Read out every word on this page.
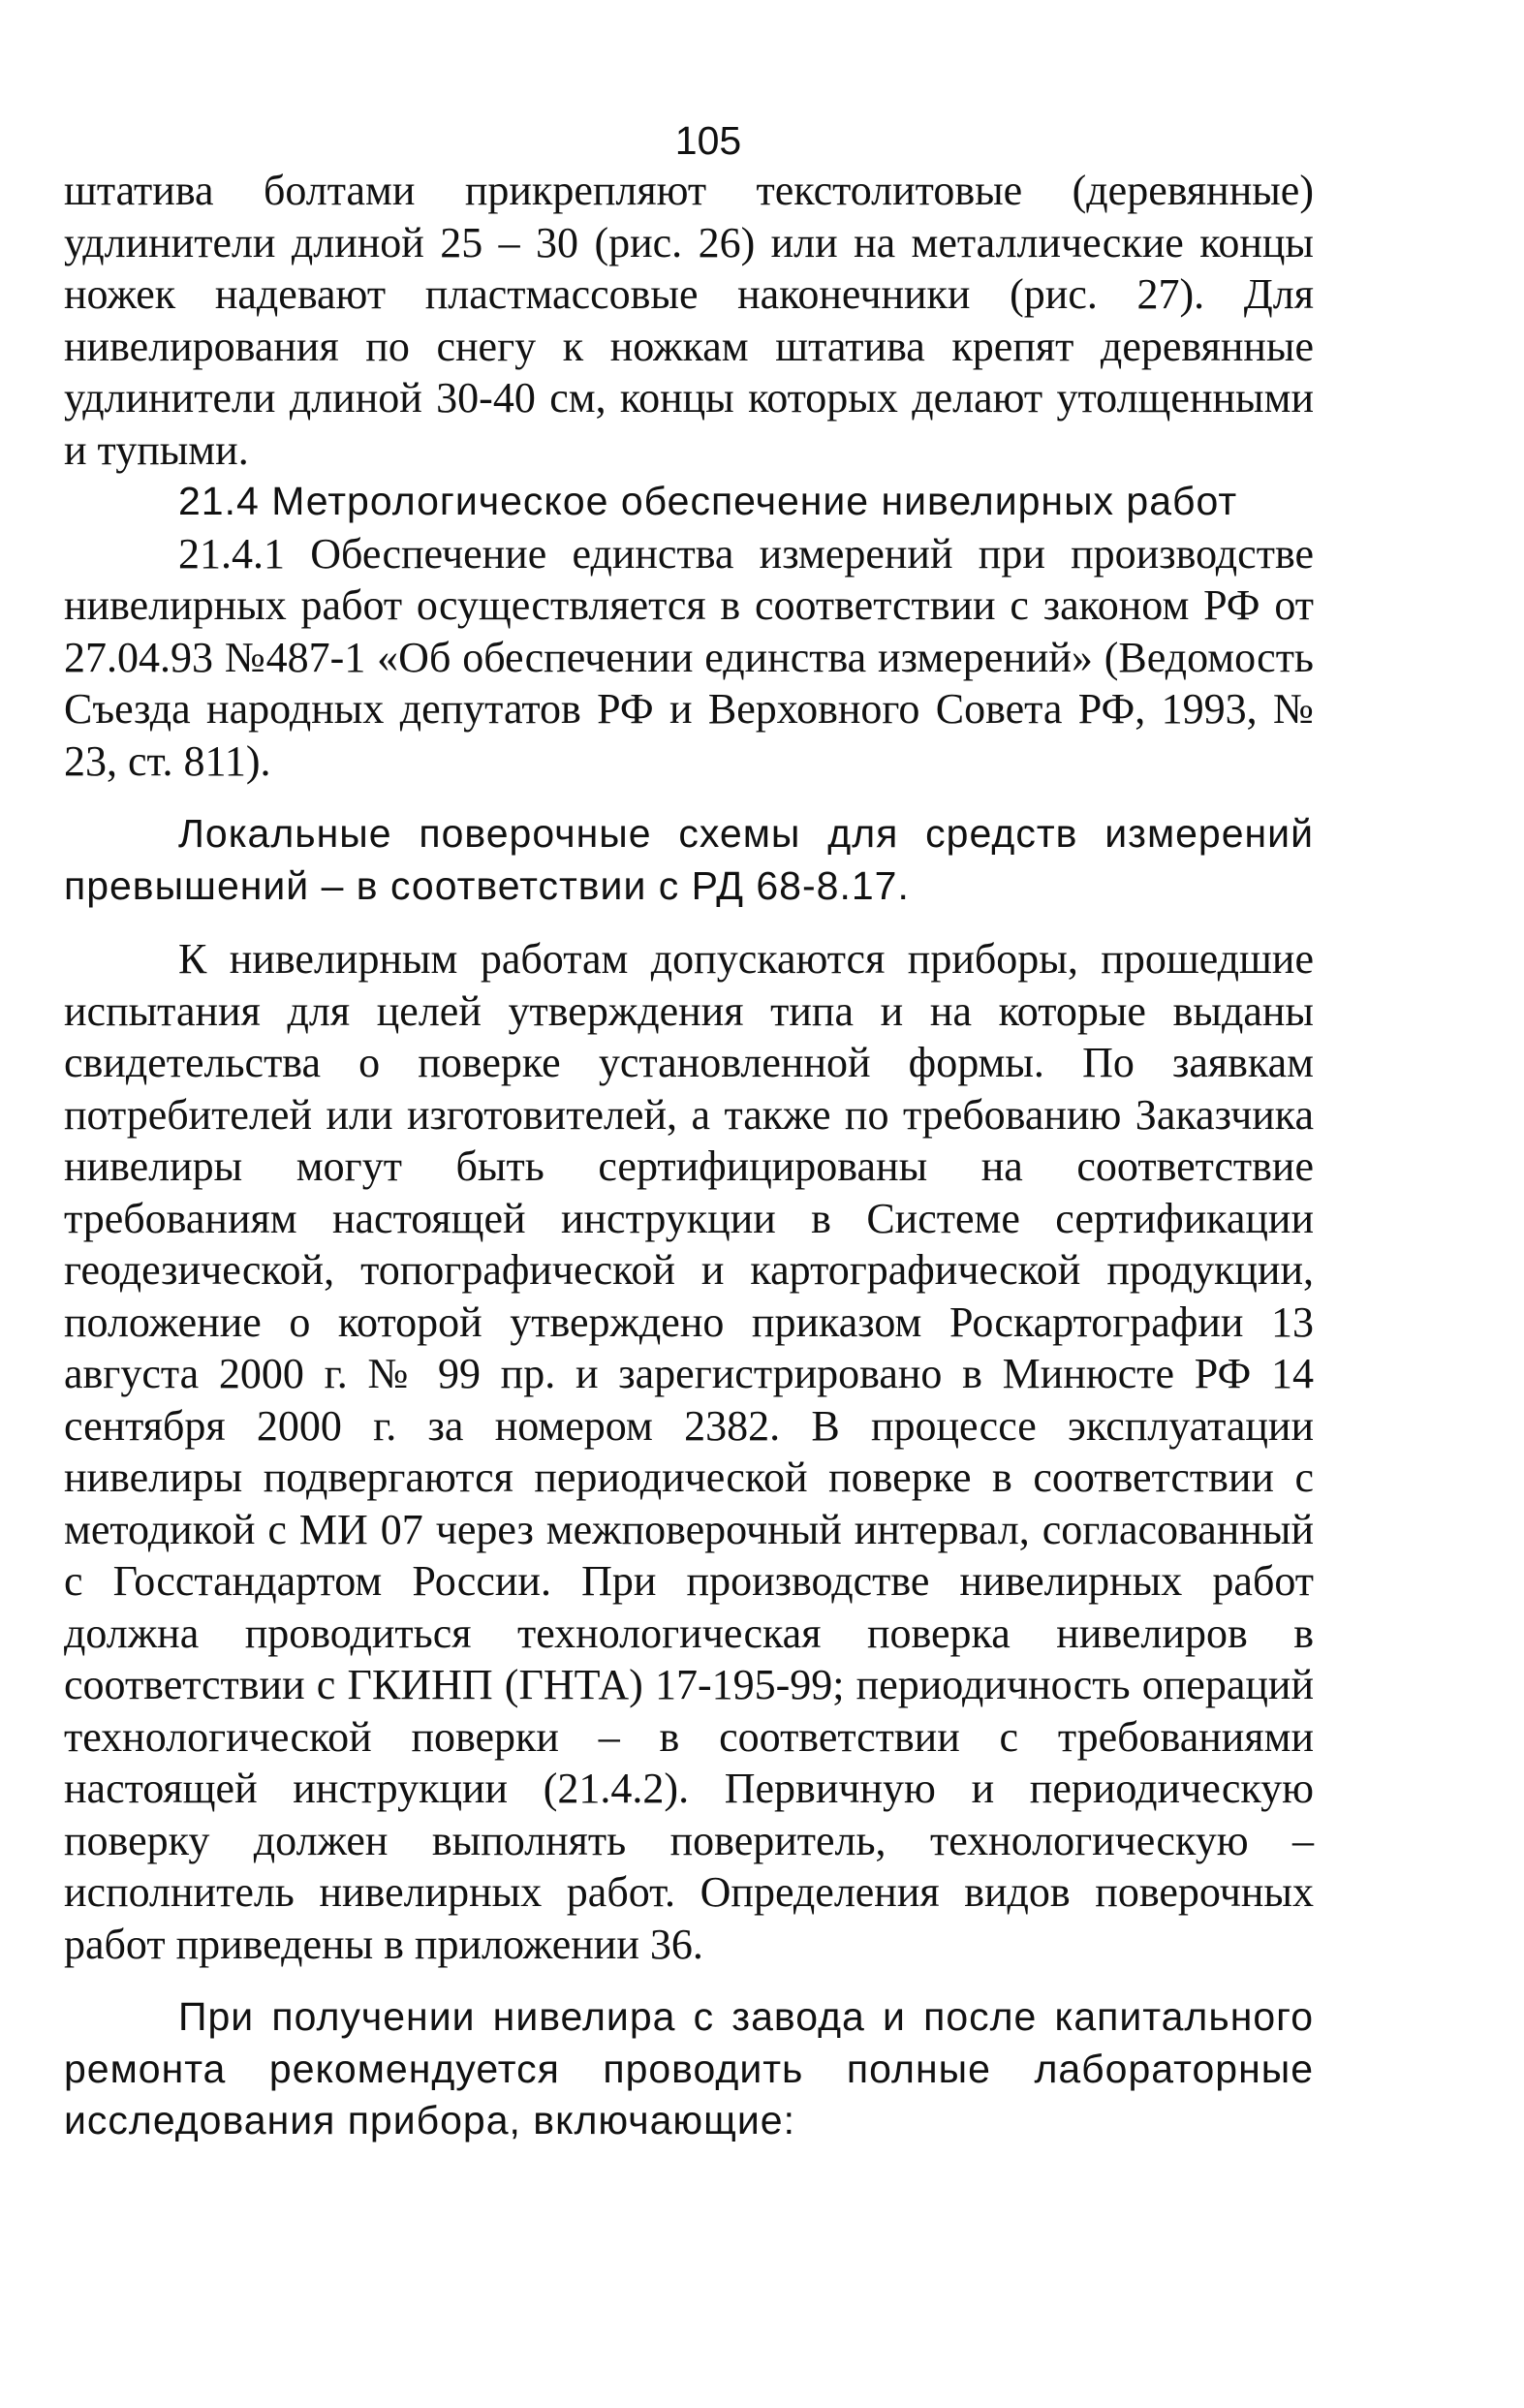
105

штатива болтами прикрепляют текстолитовые (деревянные) удлинители длиной 25 – 30 (рис. 26) или на металлические концы ножек надевают пластмассовые наконечники (рис. 27). Для нивелирования по снегу к ножкам штатива крепят деревянные удлинители длиной 30-40 см, концы которых делают утолщенными и тупыми.

21.4 Метрологическое обеспечение нивелирных работ

21.4.1 Обеспечение единства измерений при производстве нивелирных работ осуществляется в соответствии с законом РФ от 27.04.93 №487-1 «Об обеспечении единства измерений» (Ведомость Съезда народных депутатов РФ и Верховного Совета РФ, 1993, № 23, ст. 811).

Локальные поверочные схемы для средств измерений превышений – в соответствии с РД 68-8.17.

К нивелирным работам допускаются приборы, прошедшие испытания для целей утверждения типа и на которые выданы свидетельства о поверке установленной формы. По заявкам потребителей или изготовителей, а также по требованию Заказчика нивелиры могут быть сертифицированы на соответствие требованиям настоящей инструкции в Системе сертификации геодезической, топографической и картографической продукции, положение о которой утверждено приказом Роскартографии 13 августа 2000 г. № 99 пр. и зарегистрировано в Минюсте РФ 14 сентября 2000 г. за номером 2382. В процессе эксплуатации нивелиры подвергаются периодической поверке в соответствии с методикой с МИ 07 через межповерочный интервал, согласованный с Госстандартом России. При производстве нивелирных работ должна проводиться технологическая поверка нивелиров в соответствии с ГКИНП (ГНТА) 17-195-99; периодичность операций технологической поверки – в соответствии с требованиями настоящей инструкции (21.4.2). Первичную и периодическую поверку должен выполнять поверитель, технологическую – исполнитель нивелирных работ. Определения видов поверочных работ приведены в приложении 36.

При получении нивелира с завода и после капитального ремонта рекомендуется проводить полные лабораторные исследования прибора, включающие:
